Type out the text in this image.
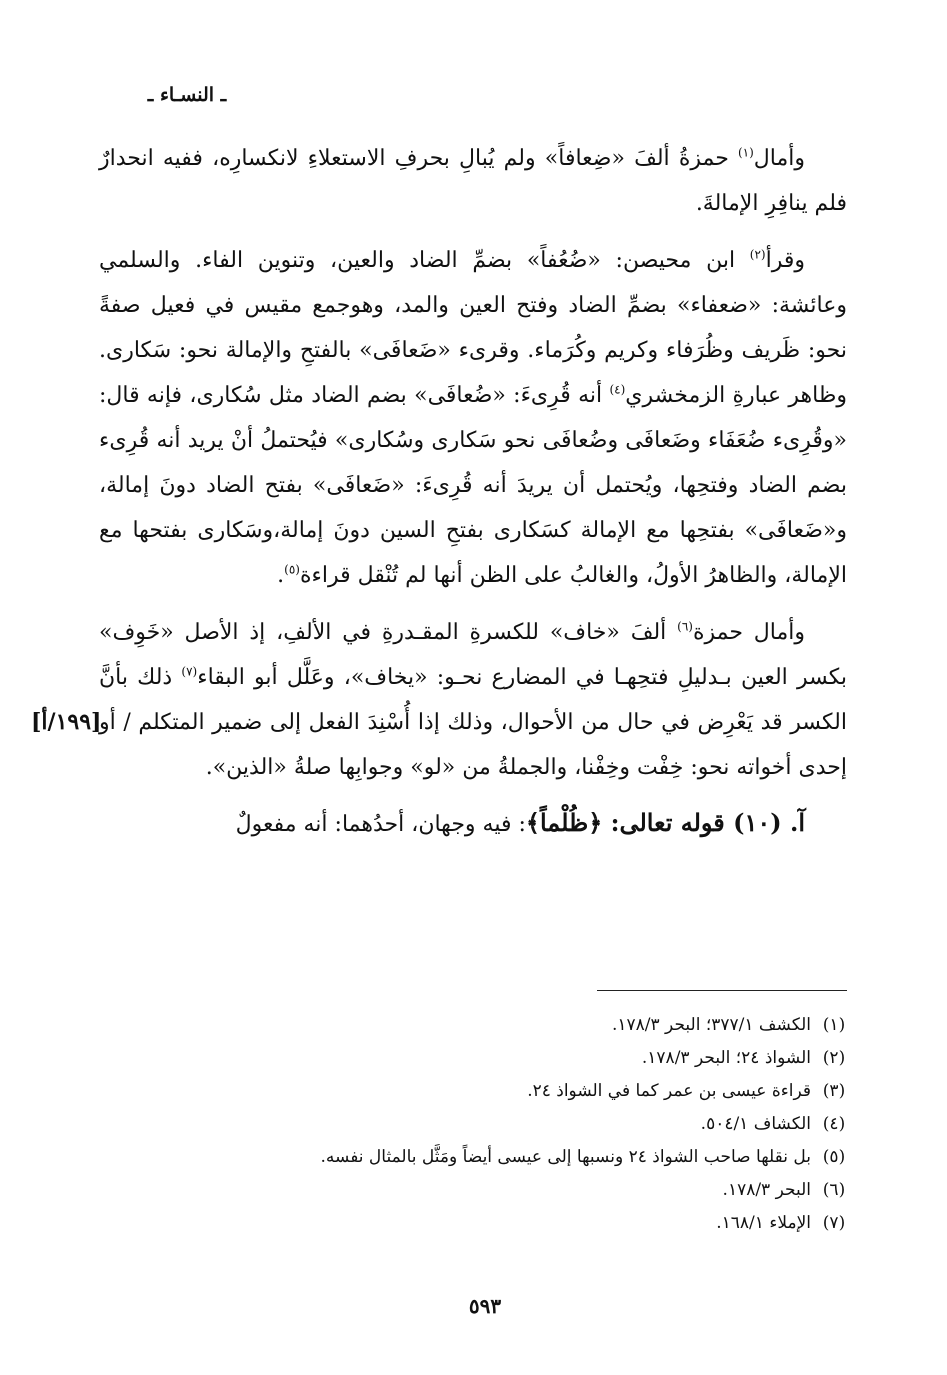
ـ النسـاء ـ

وأمال$^{(١)}$ حمزةُ ألفَ «ضِعافاً» ولم يُبالِ بحرفِ الاستعلاءِ لانكسارِه، ففيه انحدارٌ فلم ينافِرِ الإمالةَ.

وقرأ$^{(٢)}$ ابن محيصن: «ضُعُفاً» بضمِّ الضاد والعين، وتنوين الفاء. والسلمي وعائشة: «ضعفاء» بضمِّ الضاد وفتح العين والمد، وهوجمع مقيس في فعيل صفةً نحو: ظَريف وظُرَفاء وكريم وكُرَماء. وقرىء «ضَعافَى» بالفتحِ والإمالة نحو: سَكارى. وظاهر عبارةِ الزمخشري$^{(٤)}$ أنه قُرِىءَ: «ضُعافَى» بضم الضاد مثل سُكارى، فإنه قال: «وقُرِىء ضُعَفَاء وضَعافَى وضُعافَى نحو سَكارى وسُكارى» فيُحتملُ أنْ يريد أنه قُرِىء بضم الضاد وفتحِها، ويُحتمل أن يريدَ أنه قُرِىءَ: «ضَعافَى» بفتح الضاد دونَ إمالة، و«ضَعافَى» بفتحِها مع الإمالة كسَكارى بفتحِ السين دونَ إمالة،وسَكارى بفتحها مع الإمالة، والظاهرُ الأولُ، والغالبُ على الظن أنها لم تُنْقل قراءة$^{(٥)}$.

وأمال حمزة$^{(٦)}$ ألفَ «خاف» للكسرةِ المقـدرةِ في الألفِ، إذ الأصل «خَوِف» بكسر العين بـدليلِ فتحِهـا في المضارع نحـو: «يخاف»، وعَلَّل أبو البقاء$^{(٧)}$ ذلك بأنَّ الكسر قد يَعْرِض في حال من الأحوال، وذلك إذا أُسْنِدَ الفعل إلى ضمير المتكلم / أو إحدى أخواته نحو: خِفْت وخِفْنا، والجملةُ من «لو» وجوابِها صلةُ «الذين».
[١٩٩/أ]

آ. (١٠) قوله تعالى: ﴿ظُلْماً﴾: فيه وجهان، أحدُهما: أنه مفعولٌ

(١)
الكشف ٣٧٧/١؛ البحر ١٧٨/٣.
(٢)
الشواذ ٢٤؛ البحر ١٧٨/٣.
(٣)
قراءة عيسى بن عمر كما في الشواذ ٢٤.
(٤)
الكشاف ٥٠٤/١.
(٥)
بل نقلها صاحب الشواذ ٢٤ ونسبها إلى عيسى أيضاً ومَثَّل بالمثال نفسه.
(٦)
البحر ١٧٨/٣.
(٧)
الإملاء ١٦٨/١.
٥٩٣
